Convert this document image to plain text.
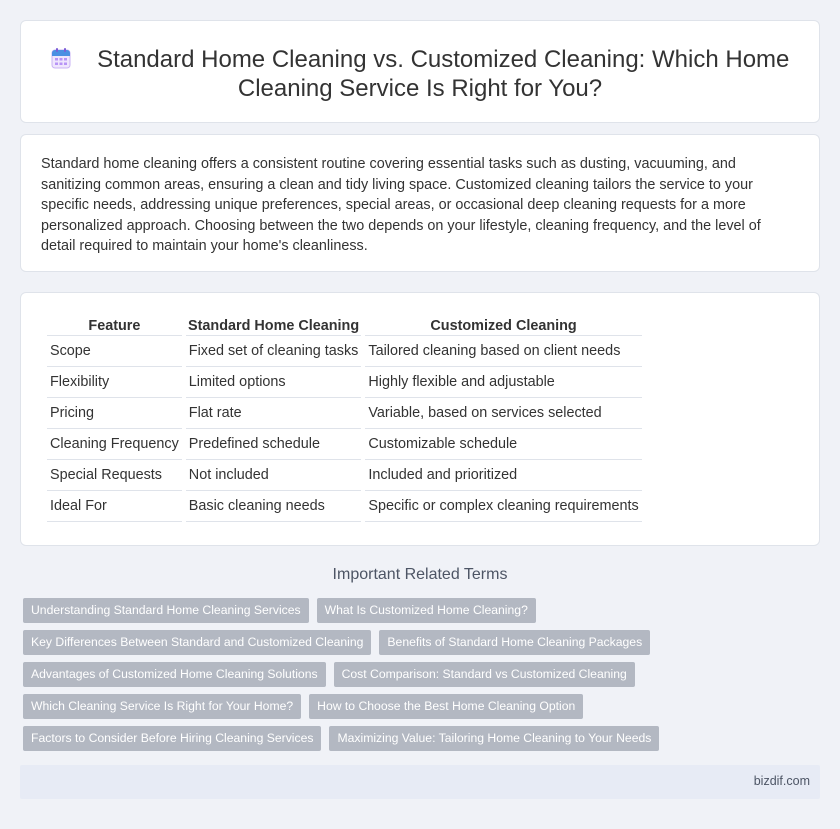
Standard Home Cleaning vs. Customized Cleaning: Which Home Cleaning Service Is Right for You?

Standard home cleaning offers a consistent routine covering essential tasks such as dusting, vacuuming, and sanitizing common areas, ensuring a clean and tidy living space. Customized cleaning tailors the service to your specific needs, addressing unique preferences, special areas, or occasional deep cleaning requests for a more personalized approach. Choosing between the two depends on your lifestyle, cleaning frequency, and the level of detail required to maintain your home's cleanliness.

Feature	Standard Home Cleaning	Customized Cleaning
Scope	Fixed set of cleaning tasks	Tailored cleaning based on client needs
Flexibility	Limited options	Highly flexible and adjustable
Pricing	Flat rate	Variable, based on services selected
Cleaning Frequency	Predefined schedule	Customizable schedule
Special Requests	Not included	Included and prioritized
Ideal For	Basic cleaning needs	Specific or complex cleaning requirements
Important Related Terms
Understanding Standard Home Cleaning Services What Is Customized Home Cleaning?
Key Differences Between Standard and Customized Cleaning Benefits of Standard Home Cleaning Packages
Advantages of Customized Home Cleaning Solutions Cost Comparison: Standard vs Customized Cleaning
Which Cleaning Service Is Right for Your Home? How to Choose the Best Home Cleaning Option
Factors to Consider Before Hiring Cleaning Services Maximizing Value: Tailoring Home Cleaning to Your Needs
bizdif.com
